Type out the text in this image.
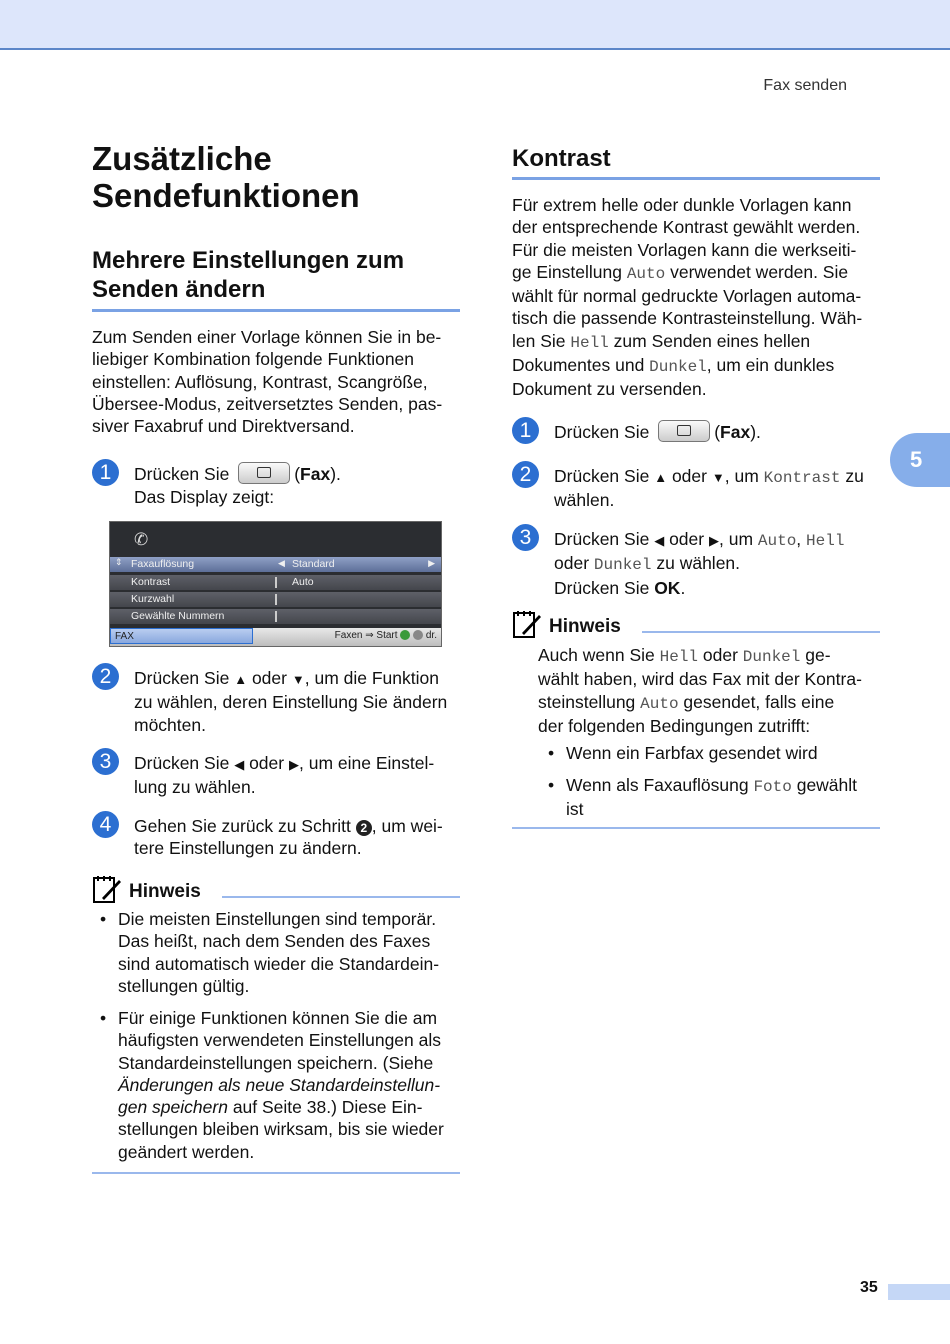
Fax senden
5
Zusätzliche Sendefunktionen
Mehrere Einstellungen zum Senden ändern

Zum Senden einer Vorlage können Sie in be-

liebiger Kombination folgende Funktionen

einstellen: Auflösung, Kontrast, Scangröße,

Übersee-Modus, zeitversetztes Senden, pas-

siver Faxabruf und Direktversand.

1	Drücken Sie	(Fax).
Das Display zeigt:
✆
⇕ Faxauflösung	◀ Standard	▶
Kontrast	Auto
Kurzwahl
Gewählte Nummern
FAX	Faxen ⇒ Start	dr.
2	Drücken Sie ▲ oder ▼, um die Funktion
zu wählen, deren Einstellung Sie ändern
möchten.
3	Drücken Sie ◀ oder ▶, um eine Einstel-
lung zu wählen.
4	Gehen Sie zurück zu Schritt 2 , um wei-
tere Einstellungen zu ändern.
Hinweis
• Die meisten Einstellungen sind temporär.
Das heißt, nach dem Senden des Faxes
sind automatisch wieder die Standardein-
stellungen gültig.
• Für einige Funktionen können Sie die am
häufigsten verwendeten Einstellungen als
Standardeinstellungen speichern. (Siehe
Änderungen als neue Standardeinstellun-
gen speichern auf Seite 38.) Diese Ein-
stellungen bleiben wirksam, bis sie wieder
geändert werden.
Kontrast

Für extrem helle oder dunkle Vorlagen kann

der entsprechende Kontrast gewählt werden.

Für die meisten Vorlagen kann die werkseiti-

ge Einstellung Auto verwendet werden. Sie

wählt für normal gedruckte Vorlagen automa-

tisch die passende Kontrasteinstellung. Wäh-

len Sie Hell zum Senden eines hellen

Dokumentes und Dunkel, um ein dunkles

Dokument zu versenden.

1	Drücken Sie	(Fax).
2	Drücken Sie ▲ oder ▼, um Kontrast zu
wählen.
3	Drücken Sie ◀ oder ▶, um Auto, Hell
oder Dunkel zu wählen.
Drücken Sie OK.
Hinweis

Auch wenn Sie Hell oder Dunkel ge-

wählt haben, wird das Fax mit der Kontra-

steinstellung Auto gesendet, falls eine

der folgenden Bedingungen zutrifft:

• Wenn ein Farbfax gesendet wird
• Wenn als Faxauflösung Foto gewählt
ist
35
